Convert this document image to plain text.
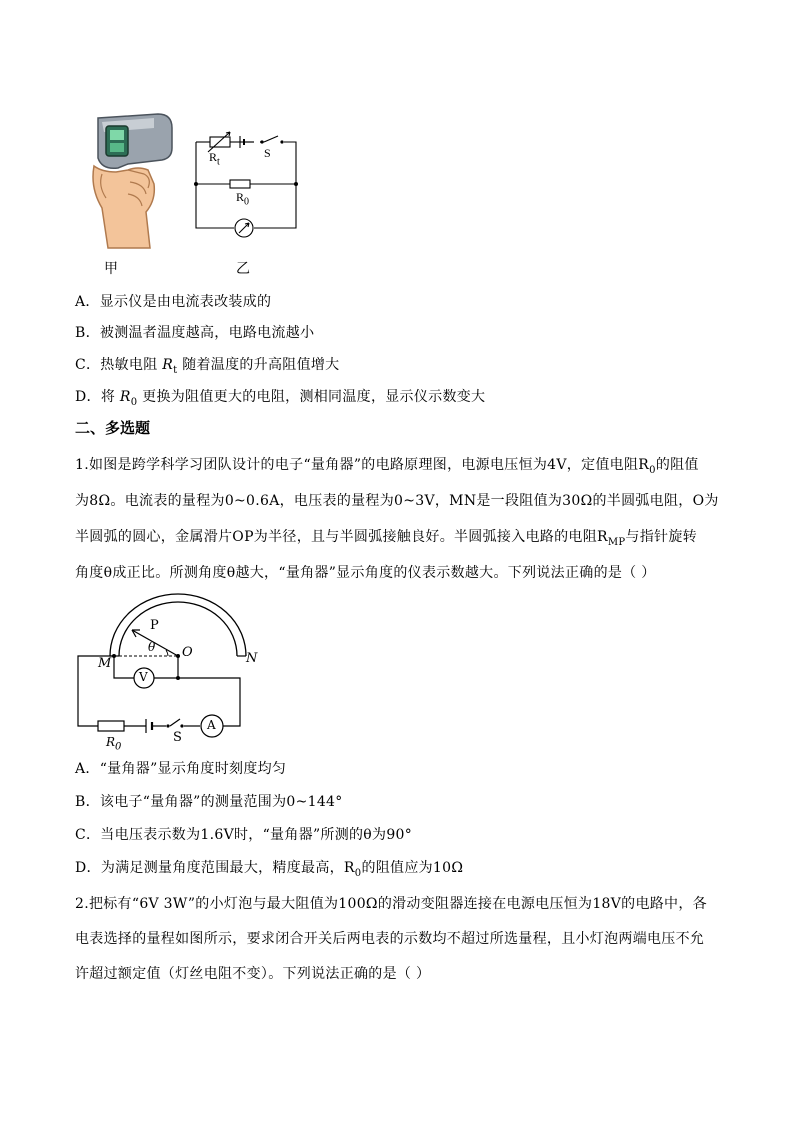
甲
$R_t$
S
$R_0$
乙
A．显示仪是由电流表改装成的
B．被测温者温度越高，电路电流越小
C．热敏电阻 $R_t$ 随着温度的升高阻值增大
D．将 $R_0$ 更换为阻值更大的电阻，测相同温度，显示仪示数变大
二、多选题
1.如图是跨学科学习团队设计的电子“量角器”的电路原理图，电源电压恒为4V，定值电阻$R_0$的阻值
为8Ω。电流表的量程为0~0.6A，电压表的量程为0~3V，MN是一段阻值为30Ω的半圆弧电阻，O为
半圆弧的圆心，金属滑片OP为半径，且与半圆弧接触良好。半圆弧接入电路的电阻$R_{MP}$与指针旋转
角度θ成正比。所测角度θ越大，“量角器”显示角度的仪表示数越大。下列说法正确的是（ ）
P
θ O
M	N
V
A
$R_0$
S
A．“量角器”显示角度时刻度均匀
B．该电子“量角器”的测量范围为0~144°
C．当电压表示数为1.6V时，“量角器”所测的θ为90°
D．为满足测量角度范围最大，精度最高，$R_0$的阻值应为10Ω
2.把标有“6V 3W”的小灯泡与最大阻值为100Ω的滑动变阻器连接在电源电压恒为18V的电路中，各
电表选择的量程如图所示，要求闭合开关后两电表的示数均不超过所选量程，且小灯泡两端电压不允
许超过额定值（灯丝电阻不变）。下列说法正确的是（ ）
